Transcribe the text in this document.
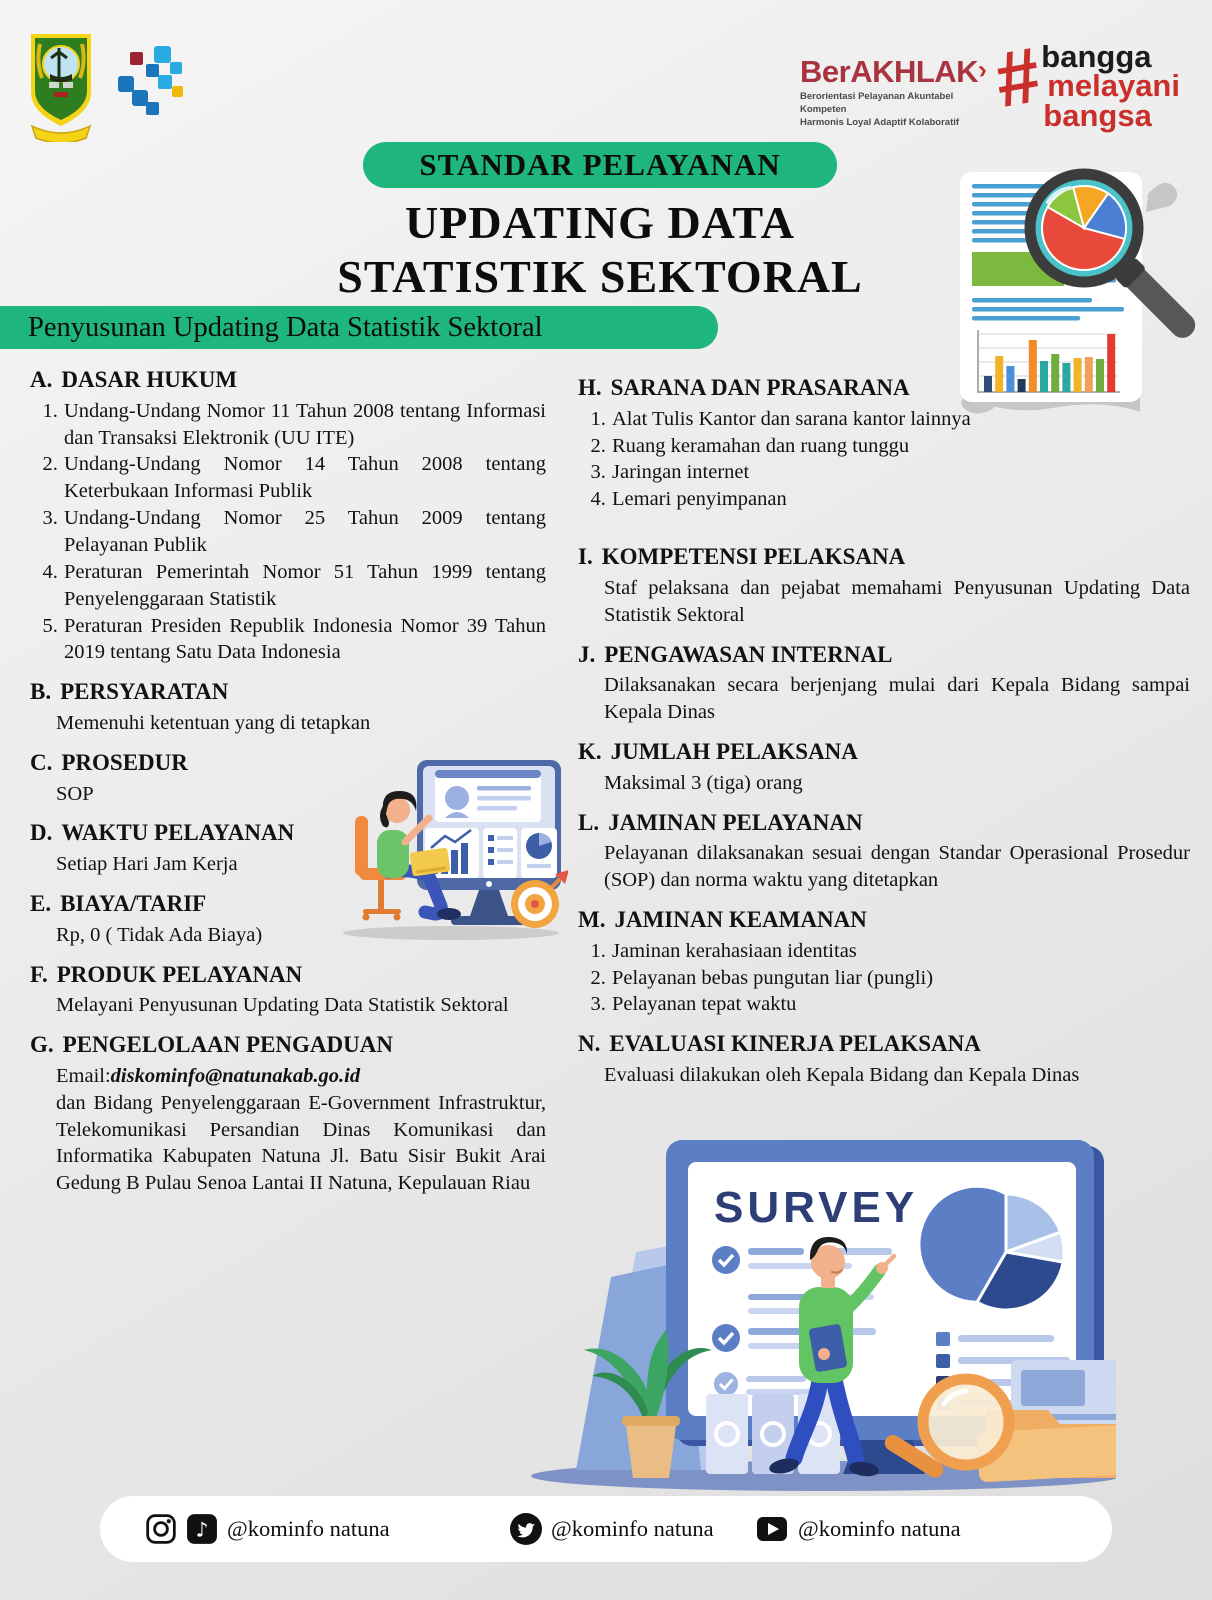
BerAKHLAK›
Berorientasi Pelayanan Akuntabel Kompeten
Harmonis Loyal Adaptif Kolaboratif #
bangga
melayani
bangsa
STANDAR PELAYANAN
UPDATING DATA
STATISTIK SEKTORAL
Penyusunan Updating Data Statistik Sektoral
A. DASAR HUKUM
1. Undang-Undang Nomor 11 Tahun 2008 tentang Informasi dan Transaksi Elektronik (UU ITE)
2. Undang-Undang Nomor 14 Tahun 2008 tentang Keterbukaan Informasi Publik
3. Undang-Undang Nomor 25 Tahun 2009 tentang Pelayanan Publik
4. Peraturan Pemerintah Nomor 51 Tahun 1999 tentang Penyelenggaraan Statistik
5. Peraturan Presiden Republik Indonesia Nomor 39 Tahun 2019 tentang Satu Data Indonesia
B. PERSYARATAN

Memenuhi ketentuan yang di tetapkan

C. PROSEDUR

SOP

D. WAKTU PELAYANAN

Setiap Hari Jam Kerja

E. BIAYA/TARIF

Rp, 0 ( Tidak Ada Biaya)

F. PRODUK PELAYANAN

Melayani Penyusunan Updating Data Statistik Sektoral

G. PENGELOLAAN PENGADUAN

Email:diskominfo@natunakab.go.id

dan Bidang Penyelenggaraan E-Government Infrastruktur, Telekomunikasi Persandian Dinas Komunikasi dan Informatika Kabupaten Natuna Jl. Batu Sisir Bukit Arai Gedung B Pulau Senoa Lantai II Natuna, Kepulauan Riau

H. SARANA DAN PRASARANA
1. Alat Tulis Kantor dan sarana kantor lainnya
2. Ruang keramahan dan ruang tunggu
3. Jaringan internet
4. Lemari penyimpanan
I. KOMPETENSI PELAKSANA

Staf pelaksana dan pejabat memahami Penyusunan Updating Data Statistik Sektoral

J. PENGAWASAN INTERNAL

Dilaksanakan secara berjenjang mulai dari Kepala Bidang sampai Kepala Dinas

K. JUMLAH PELAKSANA

Maksimal 3 (tiga) orang

L. JAMINAN PELAYANAN

Pelayanan dilaksanakan sesuai dengan Standar Operasional Prosedur (SOP) dan norma waktu yang ditetapkan

M. JAMINAN KEAMANAN
1. Jaminan kerahasiaan identitas
2. Pelayanan bebas pungutan liar (pungli)
3. Pelayanan tepat waktu
N. EVALUASI KINERJA PELAKSANA

Evaluasi dilakukan oleh Kepala Bidang dan Kepala Dinas

SURVEY
♪ @kominfo natuna	@kominfo natuna	@kominfo natuna
